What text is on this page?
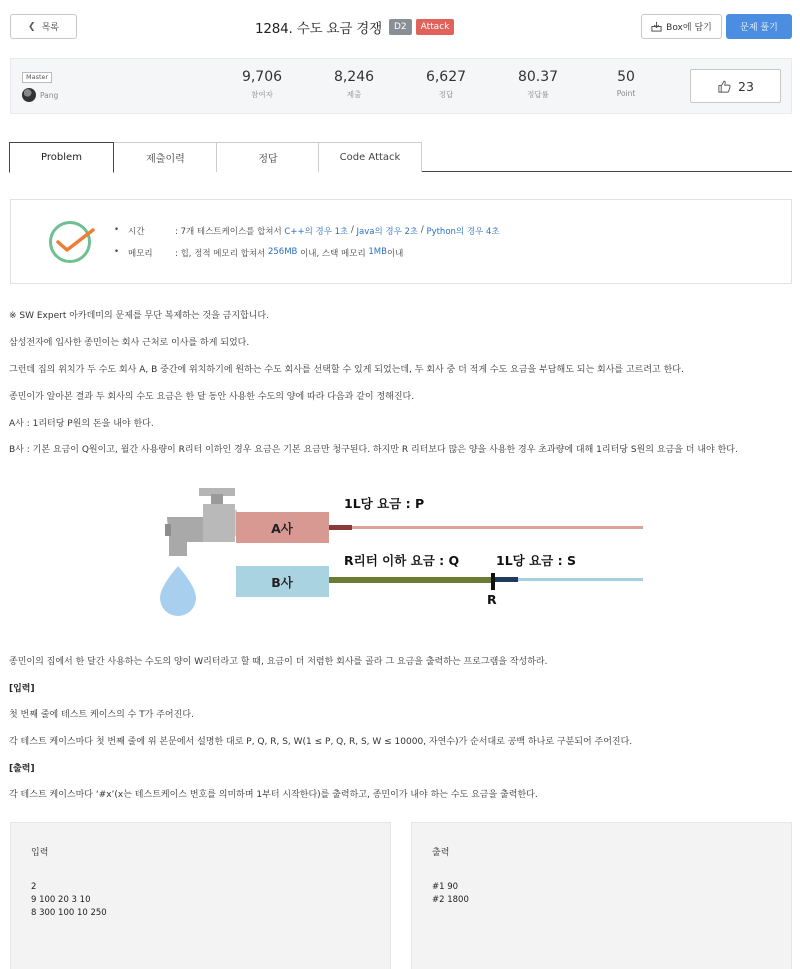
❮ 목록	1284. 수도 요금 경쟁	D2	Attack	Box에 담기	문제 풀기
Master
Pang
9,706
참여자
8,246
제출
6,627
정답
80.37
정답률
50
Point	23
Problem	제출이력	정답	Code Attack
•	시간	: 7개 테스트케이스를 합쳐서 C++의 경우 1초 / Java의 경우 2초 / Python의 경우 4초
•	메모리	: 힙, 정적 메모리 합쳐서 256MB 이내, 스택 메모리 1MB 이내
※ SW Expert 아카데미의 문제를 무단 복제하는 것을 금지합니다.
삼성전자에 입사한 종민이는 회사 근처로 이사를 하게 되었다.
그런데 집의 위치가 두 수도 회사 A, B 중간에 위치하기에 원하는 수도 회사를 선택할 수 있게 되었는데, 두 회사 중 더 적게 수도 요금을 부담해도 되는 회사를 고르려고 한다.
종민이가 알아본 결과 두 회사의 수도 요금은 한 달 동안 사용한 수도의 양에 따라 다음과 같이 정해진다.
A사 : 1리터당 P원의 돈을 내야 한다.
B사 : 기본 요금이 Q원이고, 월간 사용량이 R리터 이하인 경우 요금은 기본 요금만 청구된다. 하지만 R 리터보다 많은 양을 사용한 경우 초과량에 대해 1리터당 S원의 요금을 더 내야 한다.
A사
1L당 요금 : P
B사
R리터 이하 요금 : Q	1L당 요금 : S
R
종민이의 집에서 한 달간 사용하는 수도의 양이 W리터라고 할 때, 요금이 더 저렴한 회사를 골라 그 요금을 출력하는 프로그램을 작성하라.
[입력]
첫 번째 줄에 테스트 케이스의 수 T가 주어진다.
각 테스트 케이스마다 첫 번째 줄에 위 본문에서 설명한 대로 P, Q, R, S, W(1 ≤ P, Q, R, S, W ≤ 10000, 자연수)가 순서대로 공백 하나로 구분되어 주어진다.
[출력]
각 테스트 케이스마다 ‘#x’(x는 테스트케이스 번호를 의미하며 1부터 시작한다)를 출력하고, 종민이가 내야 하는 수도 요금을 출력한다.
입력
2
9 100 20 3 10
8 300 100 10 250
출력
#1 90
#2 1800
